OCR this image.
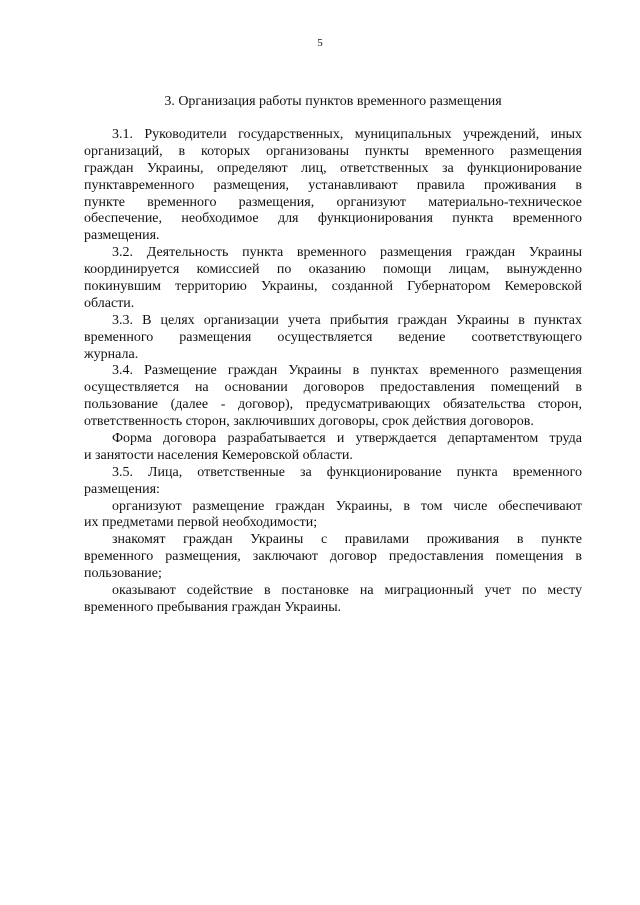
5
3. Организация работы пунктов временного размещения
3.1. Руководители государственных, муниципальных учреждений, иных
организаций, в которых организованы пункты временного размещения
граждан Украины, определяют лиц, ответственных за функционирование
пунктавременного размещения, устанавливают правила проживания в
пункте временного размещения, организуют материально-техническое
обеспечение, необходимое для функционирования пункта временного
размещения.
3.2. Деятельность пункта временного размещения граждан Украины
координируется комиссией по оказанию помощи лицам, вынужденно
покинувшим территорию Украины, созданной Губернатором Кемеровской
области.
3.3. В целях организации учета прибытия граждан Украины в пунктах
временного размещения осуществляется ведение соответствующего
журнала.
3.4. Размещение граждан Украины в пунктах временного размещения
осуществляется на основании договоров предоставления помещений в
пользование (далее - договор), предусматривающих обязательства сторон,
ответственность сторон, заключивших договоры, срок действия договоров.
Форма договора разрабатывается и утверждается департаментом труда
и занятости населения Кемеровской области.
3.5. Лица, ответственные за функционирование пункта временного
размещения:
организуют размещение граждан Украины, в том числе обеспечивают
их предметами первой необходимости;
знакомят граждан Украины с правилами проживания в пункте
временного размещения, заключают договор предоставления помещения в
пользование;
оказывают содействие в постановке на миграционный учет по месту
временного пребывания граждан Украины.
